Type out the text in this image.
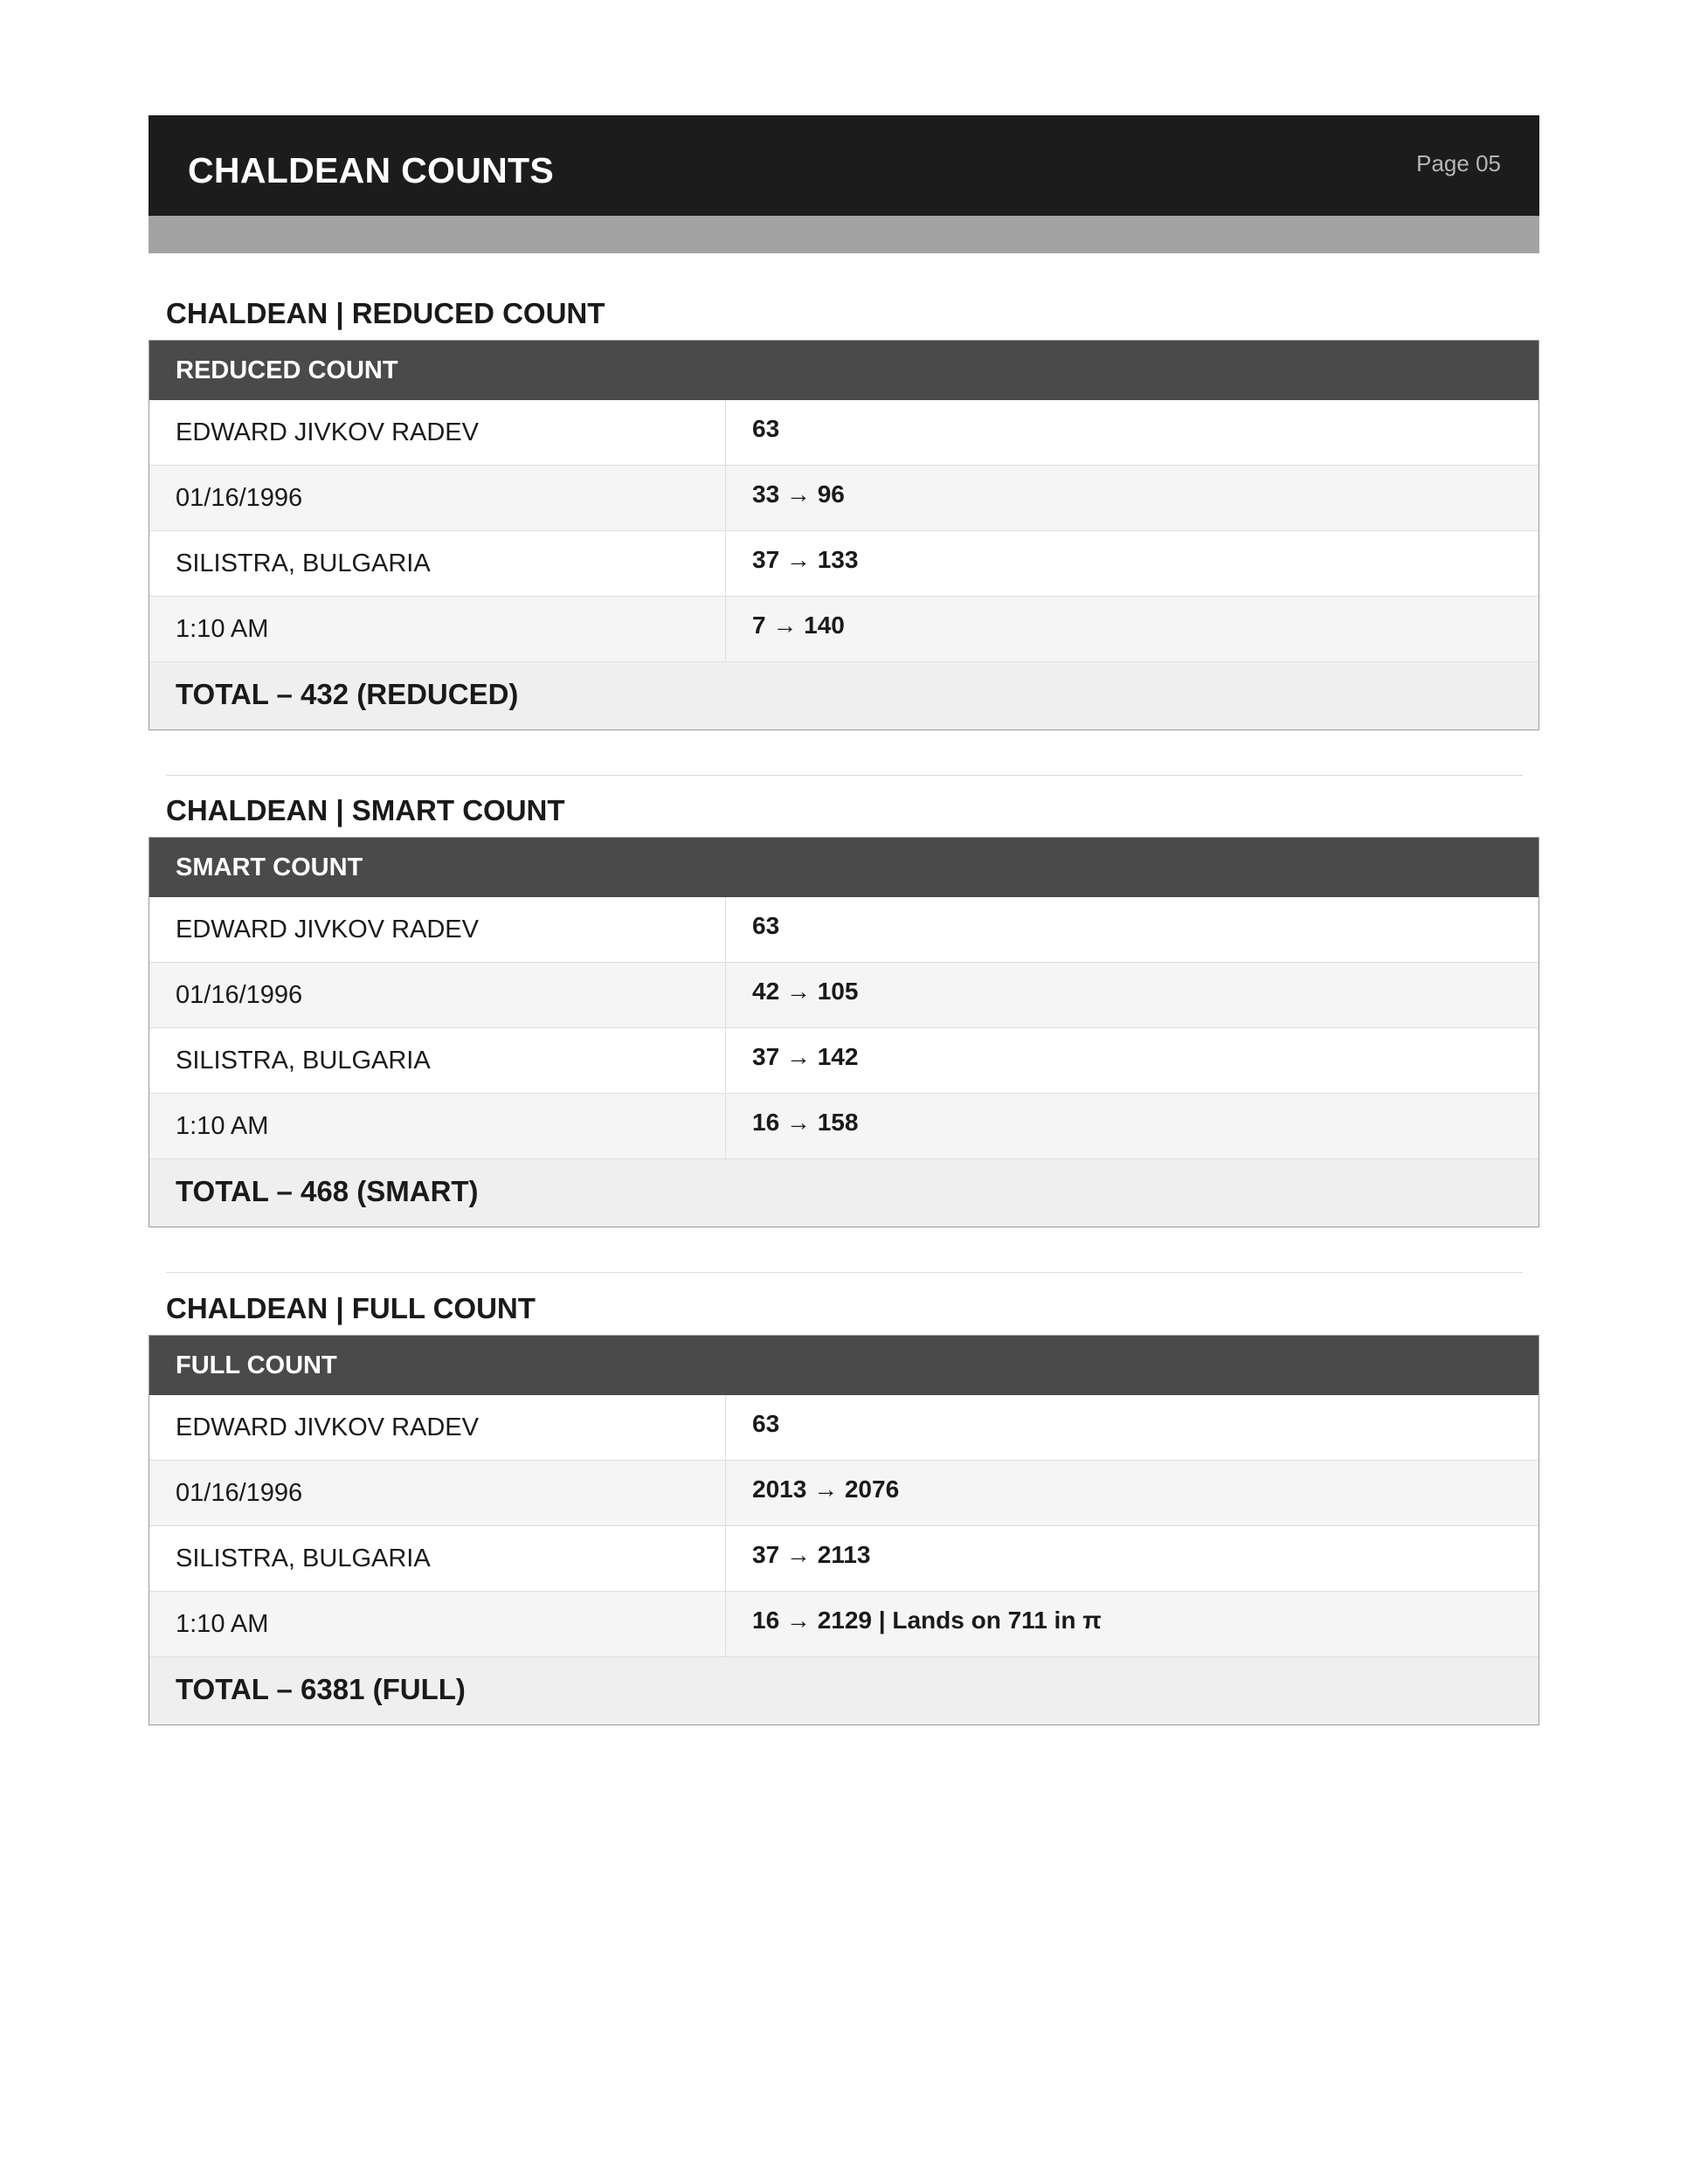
CHALDEAN COUNTS	Page 05
CHALDEAN | REDUCED COUNT
REDUCED COUNT
EDWARD JIVKOV RADEV	63
01/16/1996	33 → 96
SILISTRA, BULGARIA	37 → 133
1:10 AM	7 → 140
TOTAL – 432 (REDUCED)
CHALDEAN | SMART COUNT
SMART COUNT
EDWARD JIVKOV RADEV	63
01/16/1996	42 → 105
SILISTRA, BULGARIA	37 → 142
1:10 AM	16 → 158
TOTAL – 468 (SMART)
CHALDEAN | FULL COUNT
FULL COUNT
EDWARD JIVKOV RADEV	63
01/16/1996	2013 → 2076
SILISTRA, BULGARIA	37 → 2113
1:10 AM	16 → 2129 | Lands on 711 in π
TOTAL – 6381 (FULL)
